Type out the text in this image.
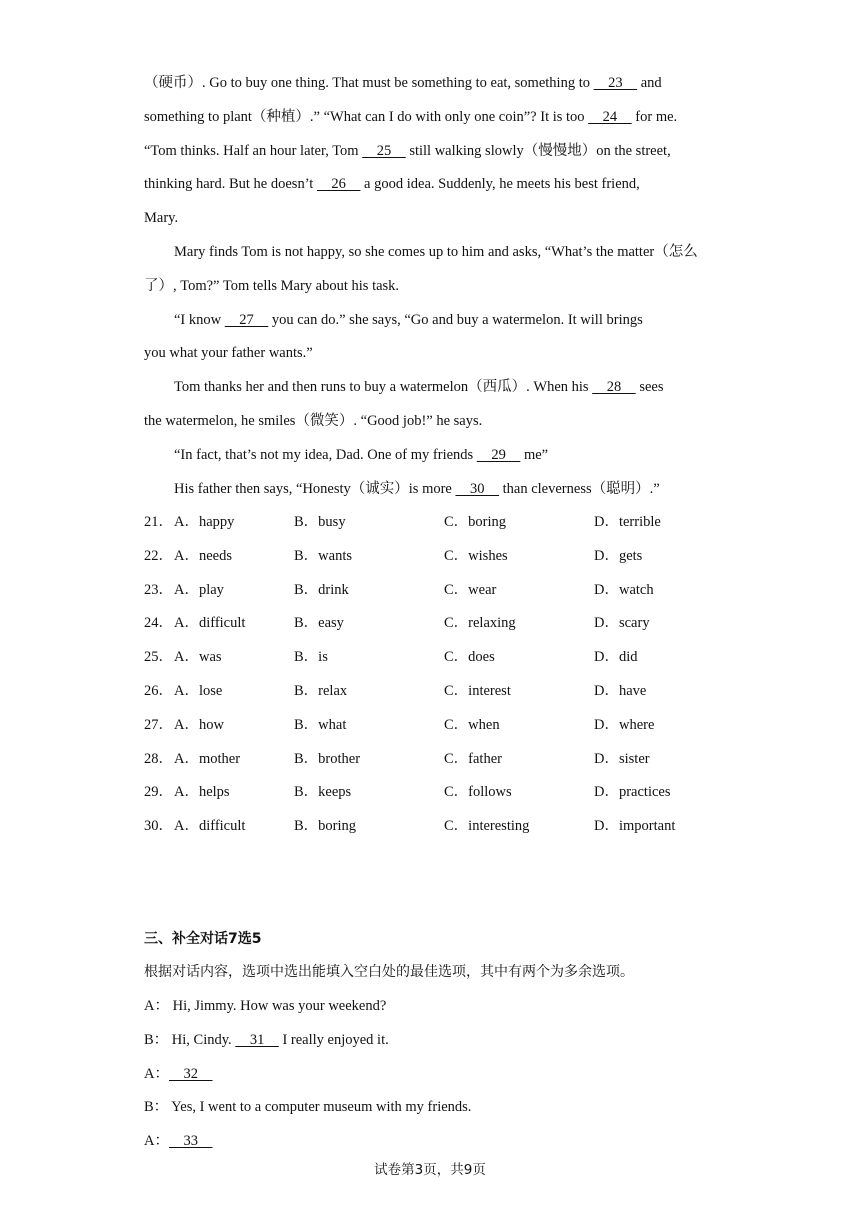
（硬币）. Go to buy one thing. That must be something to eat, something to     23     and
something to plant（种植）.” “What can I do with only one coin”? It is too     24     for me.
“Tom thinks. Half an hour later, Tom     25     still walking slowly（慢慢地）on the street,
thinking hard. But he doesn’t     26     a good idea. Suddenly, he meets his best friend,
Mary.
Mary finds Tom is not happy, so she comes up to him and asks, “What’s the matter（怎么
了）, Tom?” Tom tells Mary about his task.
“I know     27     you can do.” she says, “Go and buy a watermelon. It will brings
you what your father wants.”
Tom thanks her and then runs to buy a watermelon（西瓜）. When his     28     sees
the watermelon, he smiles（微笑）. “Good job!” he says.
“In fact, that’s not my idea, Dad. One of my friends     29     me”
His father then says, “Honesty（诚实）is more     30     than cleverness（聪明）.”
21． A．happy	B．busy	C．boring	D．terrible
22． A．needs	B．wants	C．wishes	D．gets
23． A．play	B．drink	C．wear	D．watch
24． A．difficult	B．easy	C．relaxing	D．scary
25． A．was	B．is	C．does	D．did
26． A．lose	B．relax	C．interest	D．have
27． A．how	B．what	C．when	D．where
28． A．mother	B．brother	C．father	D．sister
29． A．helps	B．keeps	C．follows	D．practices
30． A．difficult	B．boring	C．interesting	D．important
三、补全对话7选5
根据对话内容，选项中选出能填入空白处的最佳选项，其中有两个为多余选项。
A： Hi, Jimmy. How was your weekend?
B： Hi, Cindy.     31     I really enjoyed it.
A：    32
B： Yes, I went to a computer museum with my friends.
A：    33
试卷第3页，共9页
